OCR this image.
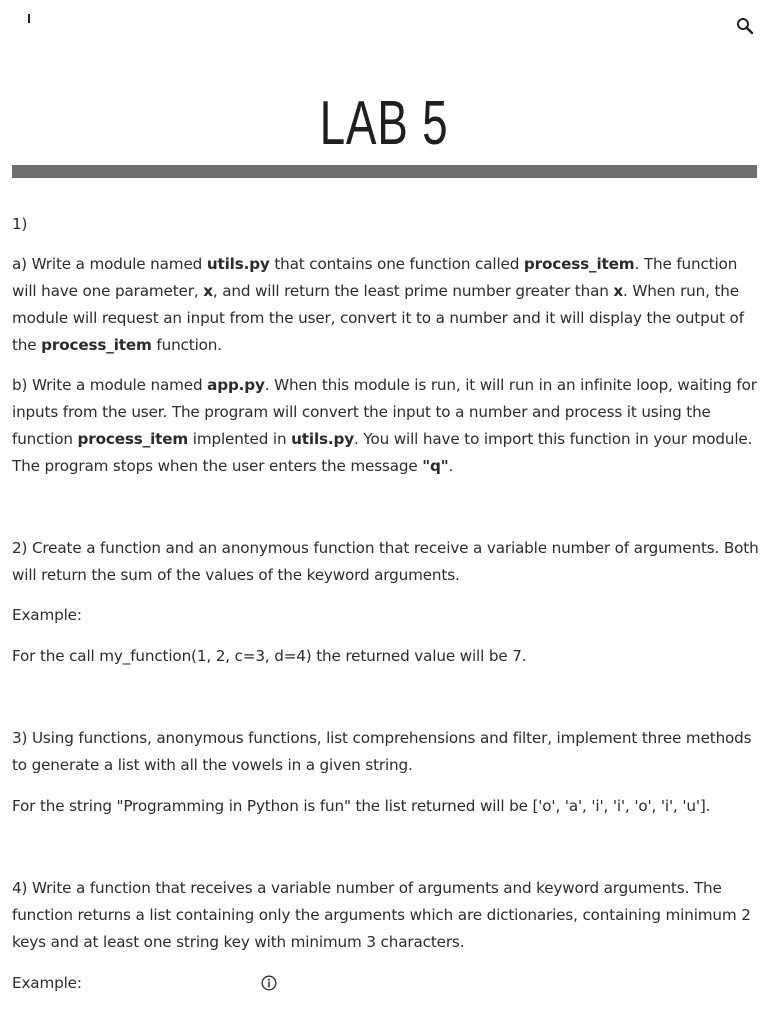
LAB 5

1)

a) Write a module named utils.py that contains one function called process_item. The function will have one parameter, x, and will return the least prime number greater than x. When run, the module will request an input from the user, convert it to a number and it will display the output of the process_item function.

b) Write a module named app.py. When this module is run, it will run in an infinite loop, waiting for inputs from the user. The program will convert the input to a number and process it using the function process_item implented in utils.py. You will have to import this function in your module. The program stops when the user enters the message "q".

2) Create a function and an anonymous function that receive a variable number of arguments. Both will return the sum of the values of the keyword arguments.

Example:

For the call my_function(1, 2, c=3, d=4) the returned value will be 7.

3) Using functions, anonymous functions, list comprehensions and filter, implement three methods to generate a list with all the vowels in a given string.

For the string "Programming in Python is fun" the list returned will be ['o', 'a', 'i', 'i', 'o', 'i', 'u'].

4) Write a function that receives a variable number of arguments and keyword arguments. The function returns a list containing only the arguments which are dictionaries, containing minimum 2 keys and at least one string key with minimum 3 characters.

Example:
